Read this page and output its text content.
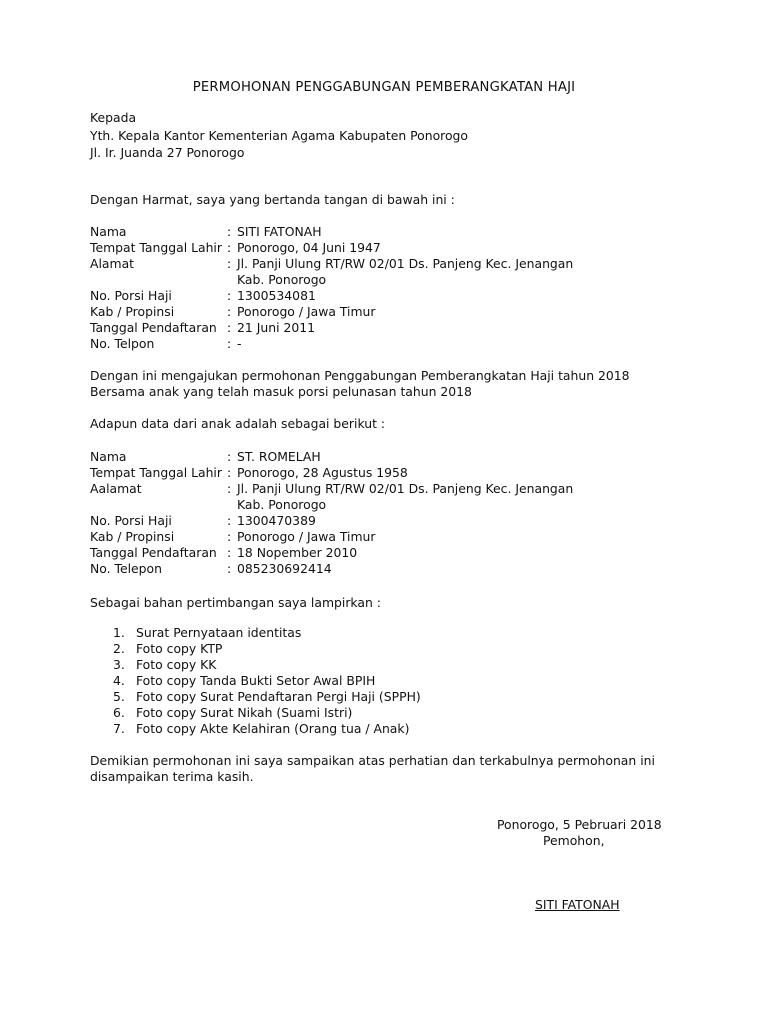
PERMOHONAN PENGGABUNGAN PEMBERANGKATAN HAJI
Kepada
Yth. Kepala Kantor Kementerian Agama Kabupaten Ponorogo
Jl. Ir. Juanda 27 Ponorogo
Dengan Harmat, saya yang bertanda tangan di bawah ini :
Nama	: SITI FATONAH
Tempat Tanggal Lahir : Ponorogo, 04 Juni 1947
Alamat	: Jl. Panji Ulung RT/RW 02/01 Ds. Panjeng Kec. Jenangan
Kab. Ponorogo
No. Porsi Haji	: 1300534081
Kab / Propinsi	: Ponorogo / Jawa Timur
Tanggal Pendaftaran : 21 Juni 2011
No. Telpon	: -
Dengan ini mengajukan permohonan Penggabungan Pemberangkatan Haji tahun 2018
Bersama anak yang telah masuk porsi pelunasan tahun 2018
Adapun data dari anak adalah sebagai berikut :
Nama	: ST. ROMELAH
Tempat Tanggal Lahir : Ponorogo, 28 Agustus 1958
Aalamat	: Jl. Panji Ulung RT/RW 02/01 Ds. Panjeng Kec. Jenangan
Kab. Ponorogo
No. Porsi Haji	: 1300470389
Kab / Propinsi	: Ponorogo / Jawa Timur
Tanggal Pendaftaran : 18 Nopember 2010
No. Telepon	: 085230692414
Sebagai bahan pertimbangan saya lampirkan :
1. Surat Pernyataan identitas
2. Foto copy KTP
3. Foto copy KK
4. Foto copy Tanda Bukti Setor Awal BPIH
5. Foto copy Surat Pendaftaran Pergi Haji (SPPH)
6. Foto copy Surat Nikah (Suami Istri)
7. Foto copy Akte Kelahiran (Orang tua / Anak)
Demikian permohonan ini saya sampaikan atas perhatian dan terkabulnya permohonan ini
disampaikan terima kasih.
Ponorogo, 5 Pebruari 2018
Pemohon,
SITI FATONAH
